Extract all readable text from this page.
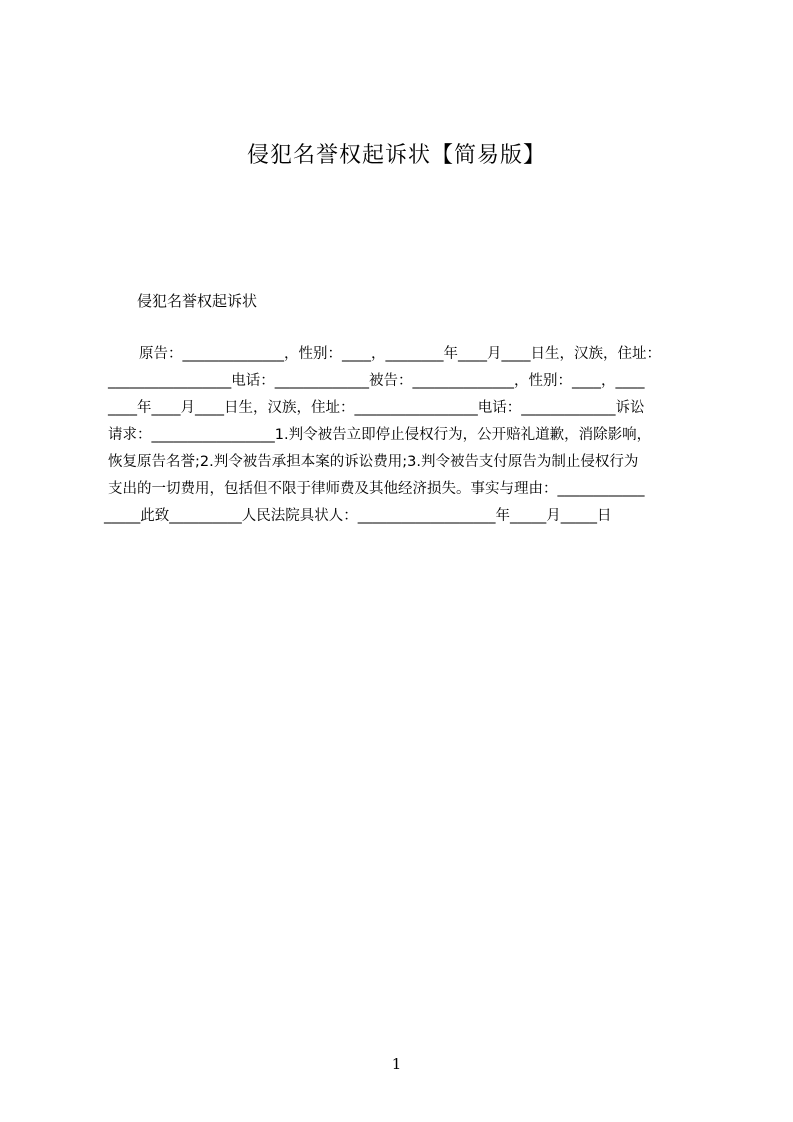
侵犯名誉权起诉状【简易版】
侵犯名誉权起诉状
原告：______________，性别：____，________年____月____日生，汉族，住址：
_________________电话：_____________被告：______________，性别：____，____
____年____月____日生，汉族，住址：_________________电话：_____________诉讼
请求：_________________1.判令被告立即停止侵权行为，公开赔礼道歉，消除影响，
恢复原告名誉;2.判令被告承担本案的诉讼费用;3.判令被告支付原告为制止侵权行为
支出的一切费用，包括但不限于律师费及其他经济损失。事实与理由：____________
_____此致__________人民法院具状人：___________________年_____月_____日
1
